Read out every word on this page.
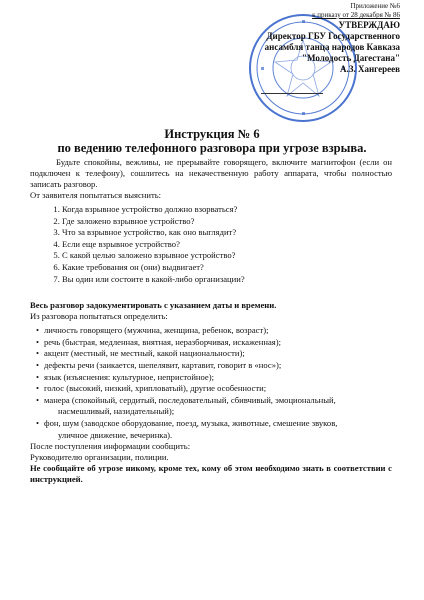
Приложение №6
к приказу от 28 декабря № 86
УТВЕРЖДАЮ
Директор ГБУ Государственного
ансамбля танца народов Кавказа
"Молодость Дагестана"
А.З. Хангереев
Инструкция № 6
по ведению телефонного разговора при угрозе взрыва.

Будьте спокойны, вежливы, не прерывайте говорящего, включите магнитофон (если он подключен к телефону), сошлитесь на некачественную работу аппарата, чтобы полностью записать разговор.

От заявителя попытаться выяснить:

1. Когда взрывное устройство должно взорваться?
2. Где заложено взрывное устройство?
3. Что за взрывное устройство, как оно выглядит?
4. Если еще взрывное устройство?
5. С какой целью заложено взрывное устройство?
6. Какие требования он (они) выдвигает?
7. Вы один или состоите в какой-либо организации?

Весь разговор задокументировать с указанием даты и времени.

Из разговора попытаться определить:

• личность говорящего (мужчина, женщина, ребенок, возраст);
• речь (быстрая, медленная, внятная, неразборчивая, искаженная);
• акцент (местный, не местный, какой национальности);
• дефекты речи (заикается, шепелявит, картавит, говорит в «нос»);
• язык (изъяснения: культурное, непристойное);
• голос (высокий, низкий, хрипловатый), другие особенности;
• манера (спокойный, сердитый, последовательный, сбивчивый, эмоциональный,
насмешливый, назидательный);
• фон, шум (заводское оборудование, поезд, музыка, животные, смешение звуков,
уличное движение, вечеринка).

После поступления информации сообщить:

Руководителю организации, полиции.

Не сообщайте об угрозе никому, кроме тех, кому об этом необходимо знать в соответствии с инструкцией.
